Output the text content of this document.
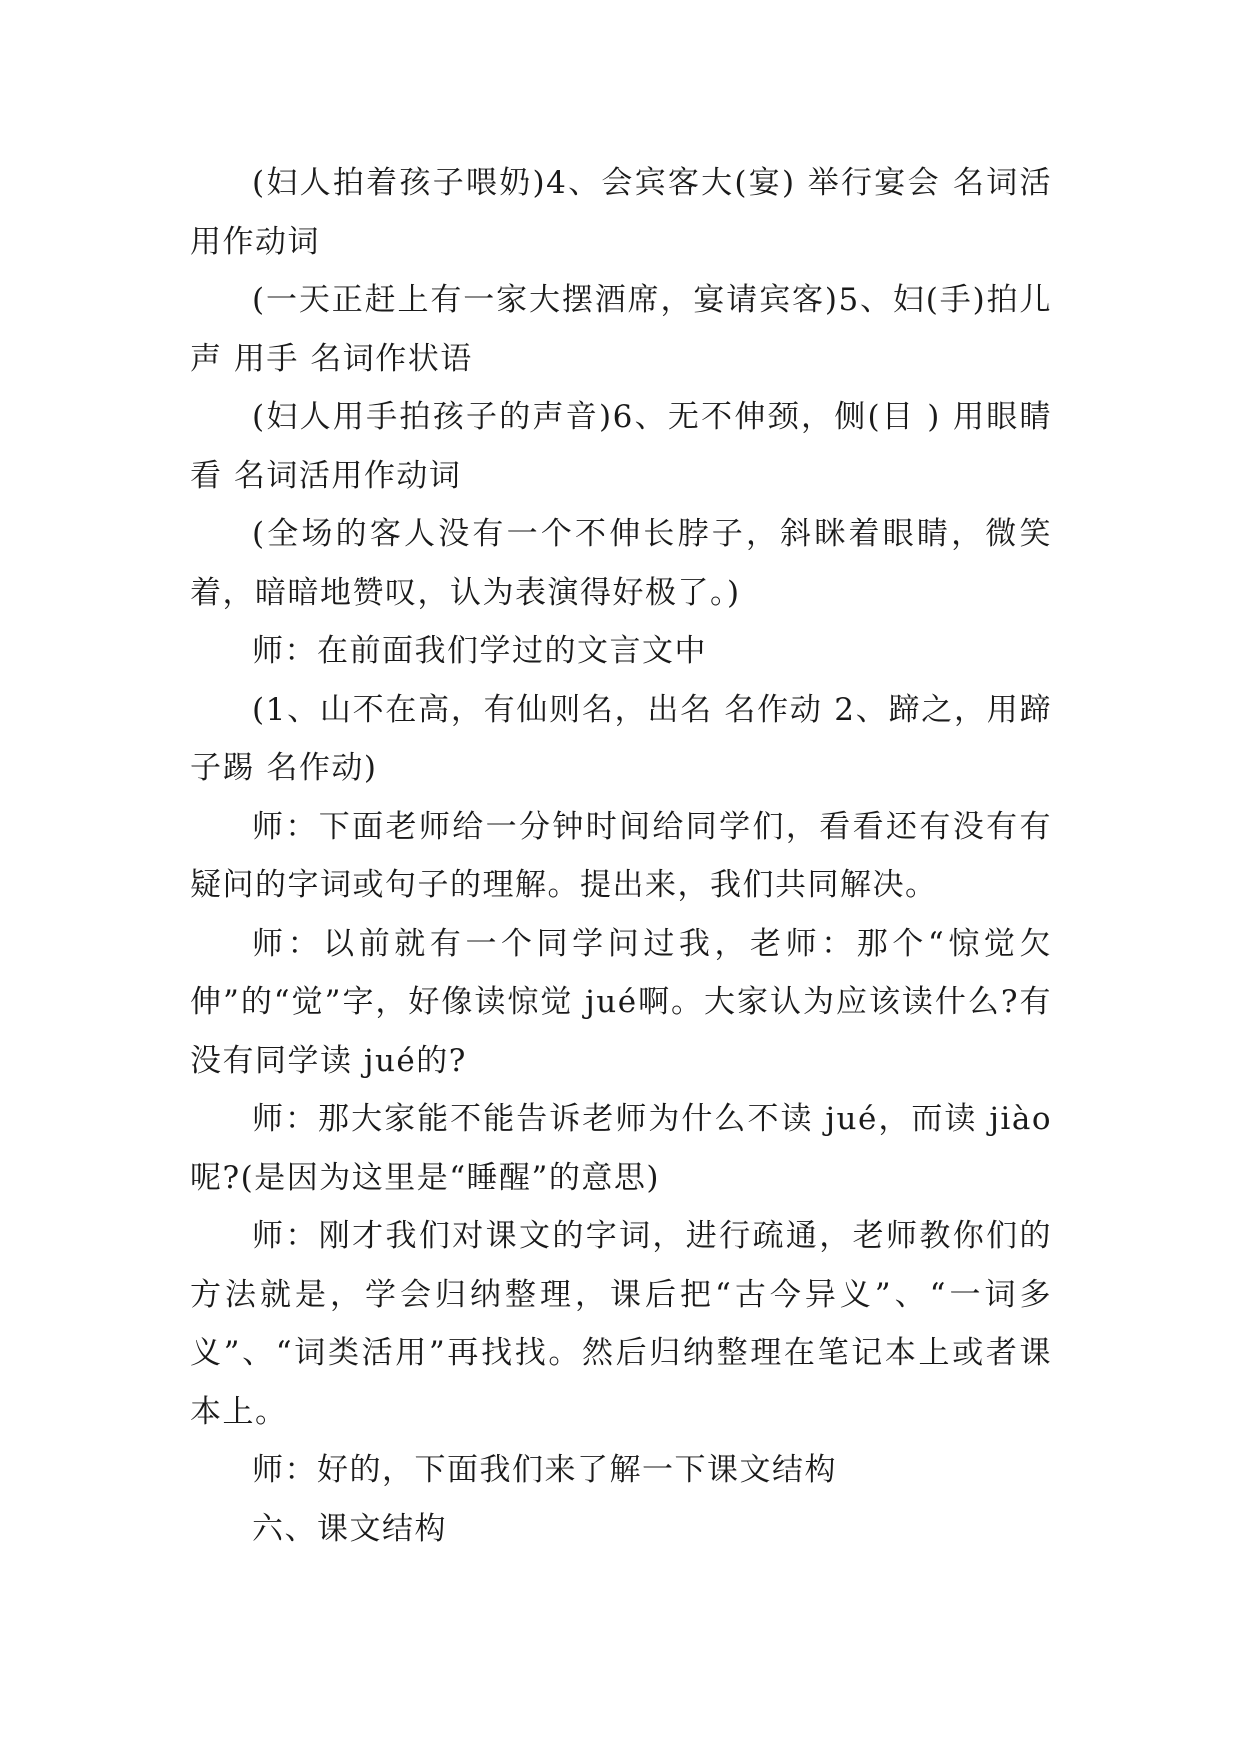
(妇人拍着孩子喂奶)4、会宾客大(宴) 举行宴会 名词活用作动词

(一天正赶上有一家大摆酒席，宴请宾客)5、妇(手)拍儿声 用手 名词作状语

(妇人用手拍孩子的声音)6、无不伸颈，侧(目 ) 用眼睛看 名词活用作动词

(全场的客人没有一个不伸长脖子，斜眯着眼睛，微笑着，暗暗地赞叹，认为表演得好极了。)

师：在前面我们学过的文言文中

(1、山不在高，有仙则名，出名 名作动 2、蹄之，用蹄子踢 名作动)

师：下面老师给一分钟时间给同学们，看看还有没有有疑问的字词或句子的理解。提出来，我们共同解决。

师：以前就有一个同学问过我，老师：那个“惊觉欠伸”的“觉”字，好像读惊觉 jué啊。大家认为应该读什么?有没有同学读 jué的?

师：那大家能不能告诉老师为什么不读 jué，而读 jiào 呢?(是因为这里是“睡醒”的意思)

师：刚才我们对课文的字词，进行疏通，老师教你们的方法就是，学会归纳整理，课后把“古今异义”、“一词多义”、“词类活用”再找找。然后归纳整理在笔记本上或者课本上。

师：好的，下面我们来了解一下课文结构

六、课文结构
